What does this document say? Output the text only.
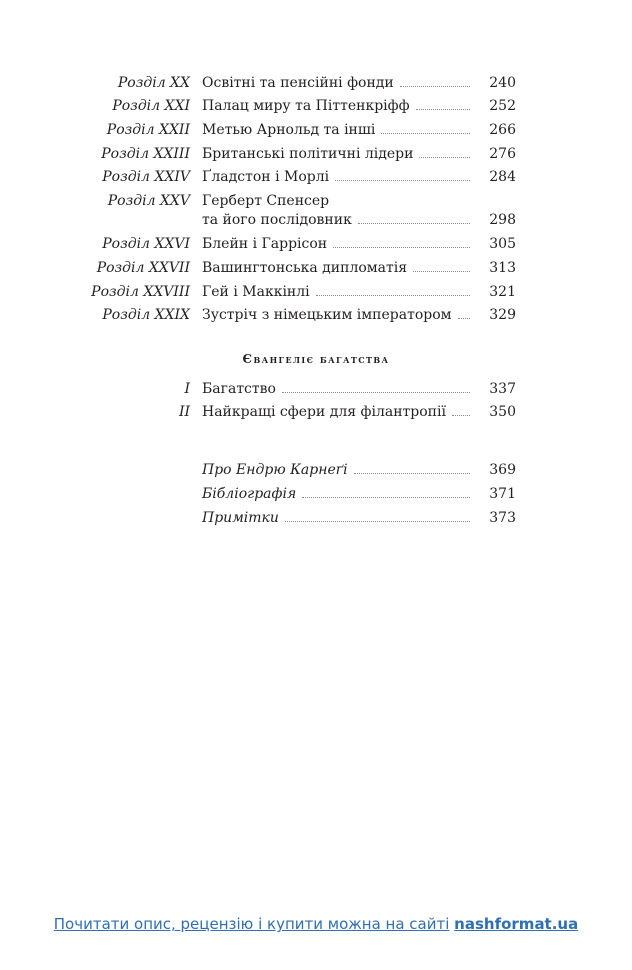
Розділ XX Освітні та пенсійні фонди	240
Розділ XXI Палац миру та Піттенкріфф	252
Розділ XXII Метью Арнольд та інші	266
Розділ XXIII Британські політичні лідери	276
Розділ XXIV Ґладстон і Морлі	284
Розділ XXV Герберт Спенсер
та його послідовник	298
Розділ XXVI Блейн і Гаррісон	305
Розділ XXVII Вашингтонська дипломатія	313
Розділ XXVIII Гей і Маккінлі	321
Розділ XXIX Зустріч з німецьким імператором	329
Євангеліє багатства
I Багатство	337
II Найкращі сфери для філантропії	350
Про Ендрю Карнеґі	369
Бібліографія	371
Примітки	373
Почитати опис, рецензію і купити можна на сайті nashformat.ua
